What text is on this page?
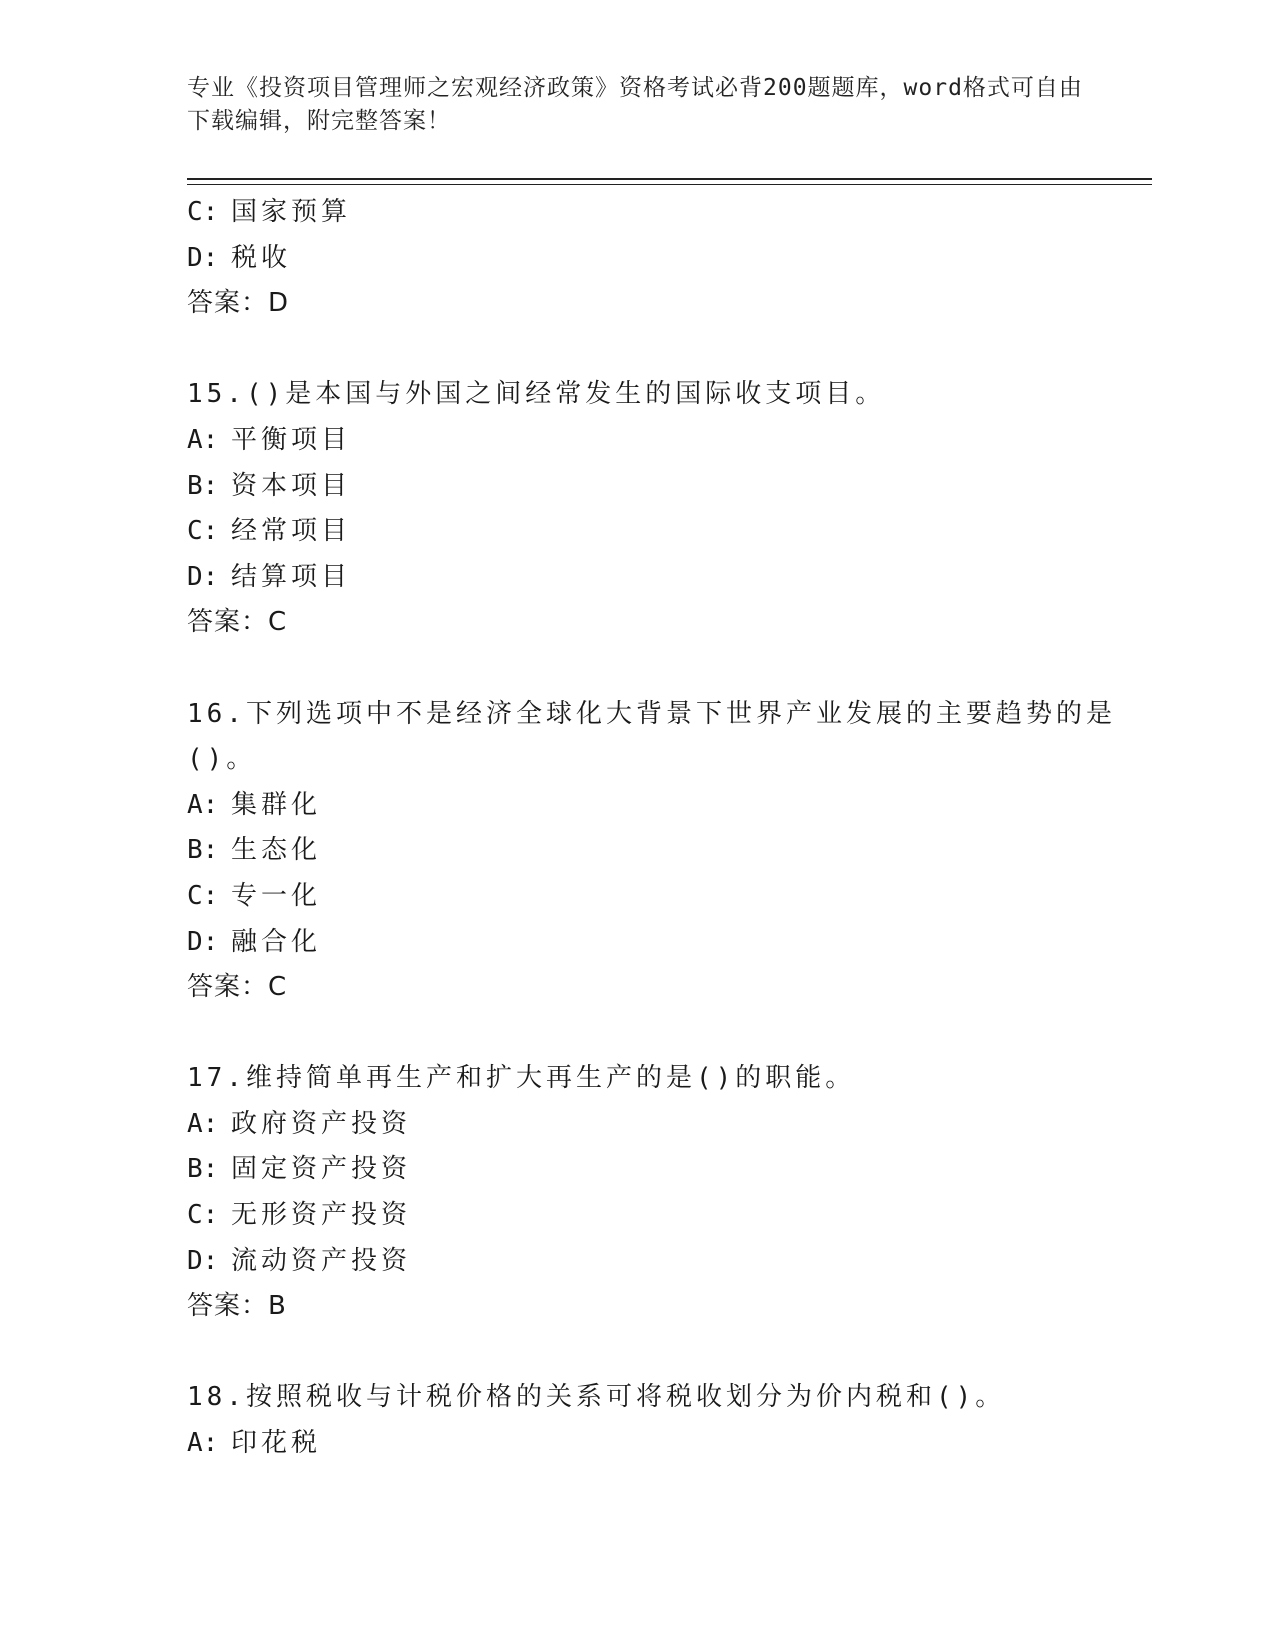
专业《投资项目管理师之宏观经济政策》资格考试必背200题题库，word格式可自由下载编辑，附完整答案！
C: 国家预算
D: 税收
答案：D
15.()是本国与外国之间经常发生的国际收支项目。
A: 平衡项目
B: 资本项目
C: 经常项目
D: 结算项目
答案：C
16.下列选项中不是经济全球化大背景下世界产业发展的主要趋势的是()。
A: 集群化
B: 生态化
C: 专一化
D: 融合化
答案：C
17.维持简单再生产和扩大再生产的是()的职能。
A: 政府资产投资
B: 固定资产投资
C: 无形资产投资
D: 流动资产投资
答案：B
18.按照税收与计税价格的关系可将税收划分为价内税和()。
A: 印花税
